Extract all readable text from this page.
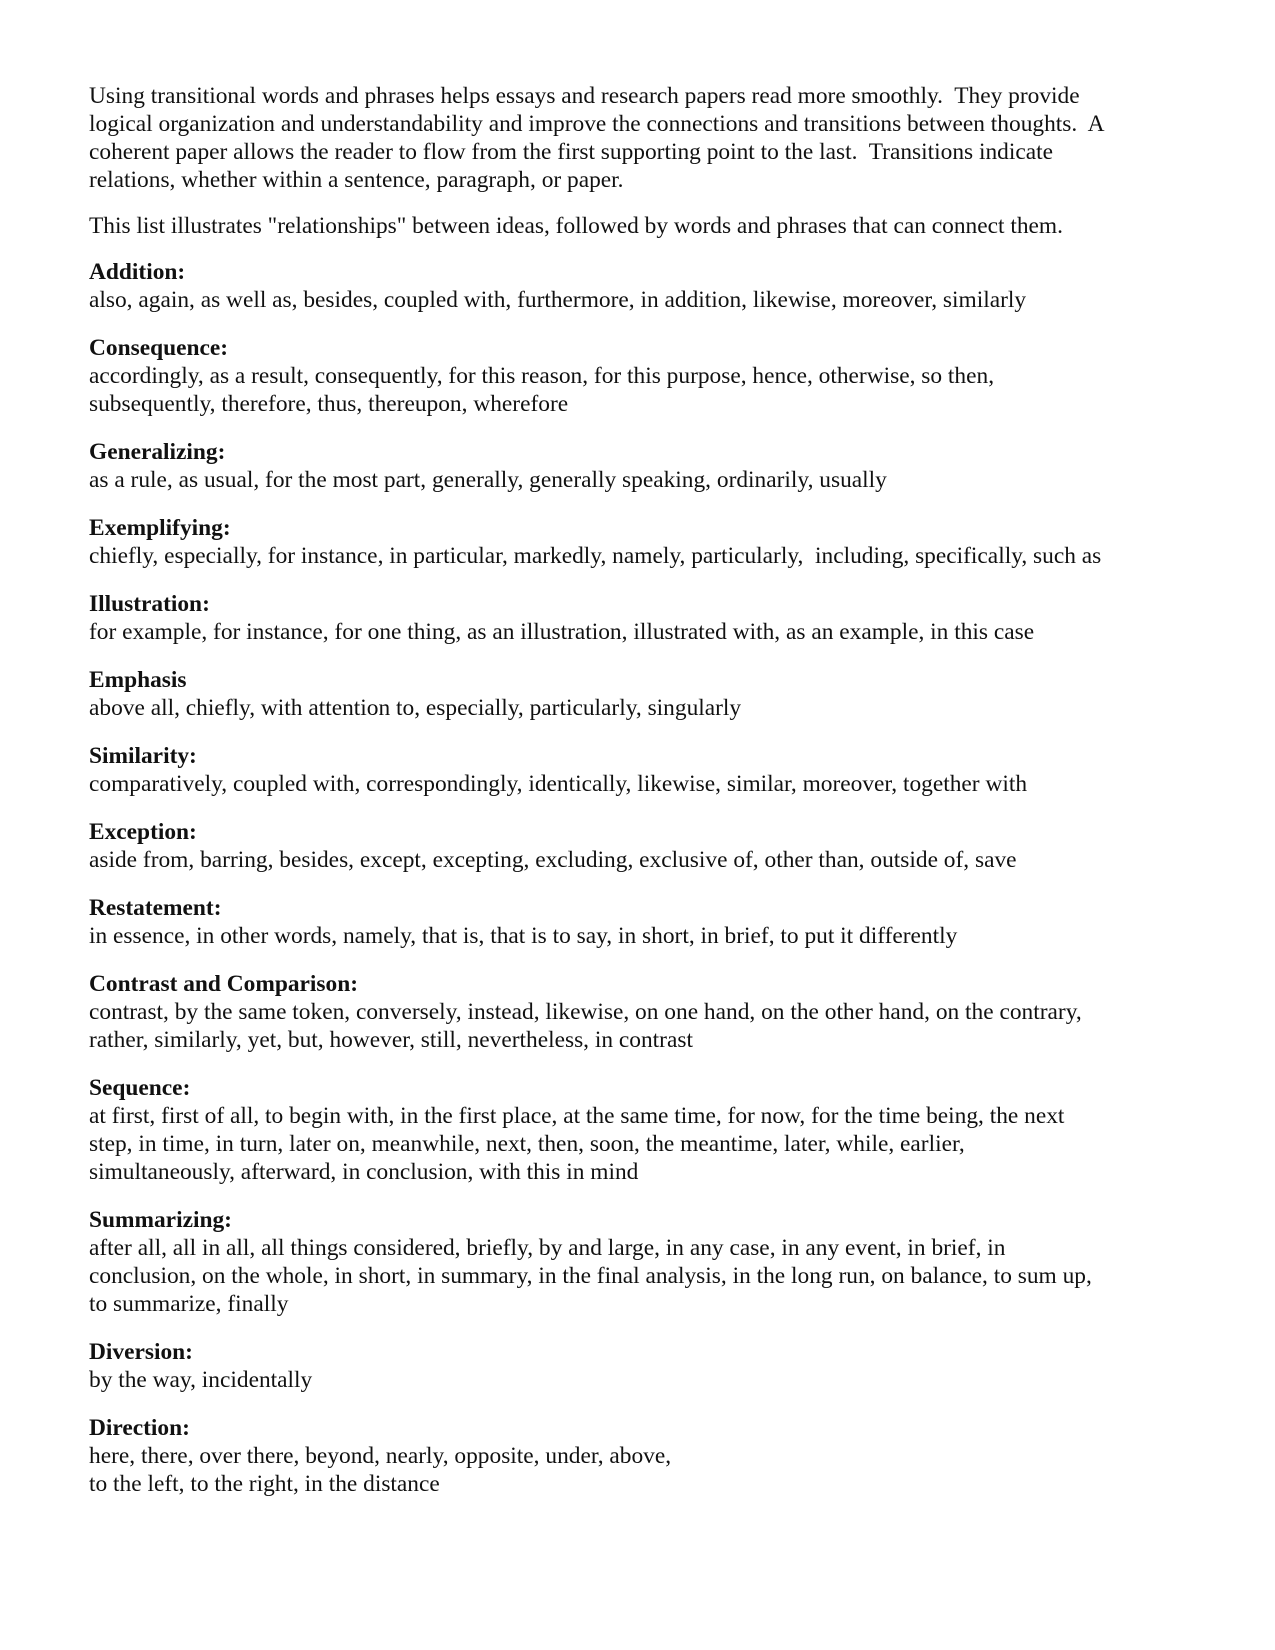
Using transitional words and phrases helps essays and research papers read more smoothly.  They provide
logical organization and understandability and improve the connections and transitions between thoughts.  A
coherent paper allows the reader to flow from the first supporting point to the last.  Transitions indicate
relations, whether within a sentence, paragraph, or paper.
This list illustrates "relationships" between ideas, followed by words and phrases that can connect them.
Addition:
also, again, as well as, besides, coupled with, furthermore, in addition, likewise, moreover, similarly
Consequence:
accordingly, as a result, consequently, for this reason, for this purpose, hence, otherwise, so then,
subsequently, therefore, thus, thereupon, wherefore
Generalizing:
as a rule, as usual, for the most part, generally, generally speaking, ordinarily, usually
Exemplifying:
chiefly, especially, for instance, in particular, markedly, namely, particularly,  including, specifically, such as
Illustration:
for example, for instance, for one thing, as an illustration, illustrated with, as an example, in this case
Emphasis
above all, chiefly, with attention to, especially, particularly, singularly
Similarity:
comparatively, coupled with, correspondingly, identically, likewise, similar, moreover, together with
Exception:
aside from, barring, besides, except, excepting, excluding, exclusive of, other than, outside of, save
Restatement:
in essence, in other words, namely, that is, that is to say, in short, in brief, to put it differently
Contrast and Comparison:
contrast, by the same token, conversely, instead, likewise, on one hand, on the other hand, on the contrary,
rather, similarly, yet, but, however, still, nevertheless, in contrast
Sequence:
at first, first of all, to begin with, in the first place, at the same time, for now, for the time being, the next
step, in time, in turn, later on, meanwhile, next, then, soon, the meantime, later, while, earlier,
simultaneously, afterward, in conclusion, with this in mind
Summarizing:
after all, all in all, all things considered, briefly, by and large, in any case, in any event, in brief, in
conclusion, on the whole, in short, in summary, in the final analysis, in the long run, on balance, to sum up,
to summarize, finally
Diversion:
by the way, incidentally
Direction:
here, there, over there, beyond, nearly, opposite, under, above,
to the left, to the right, in the distance
